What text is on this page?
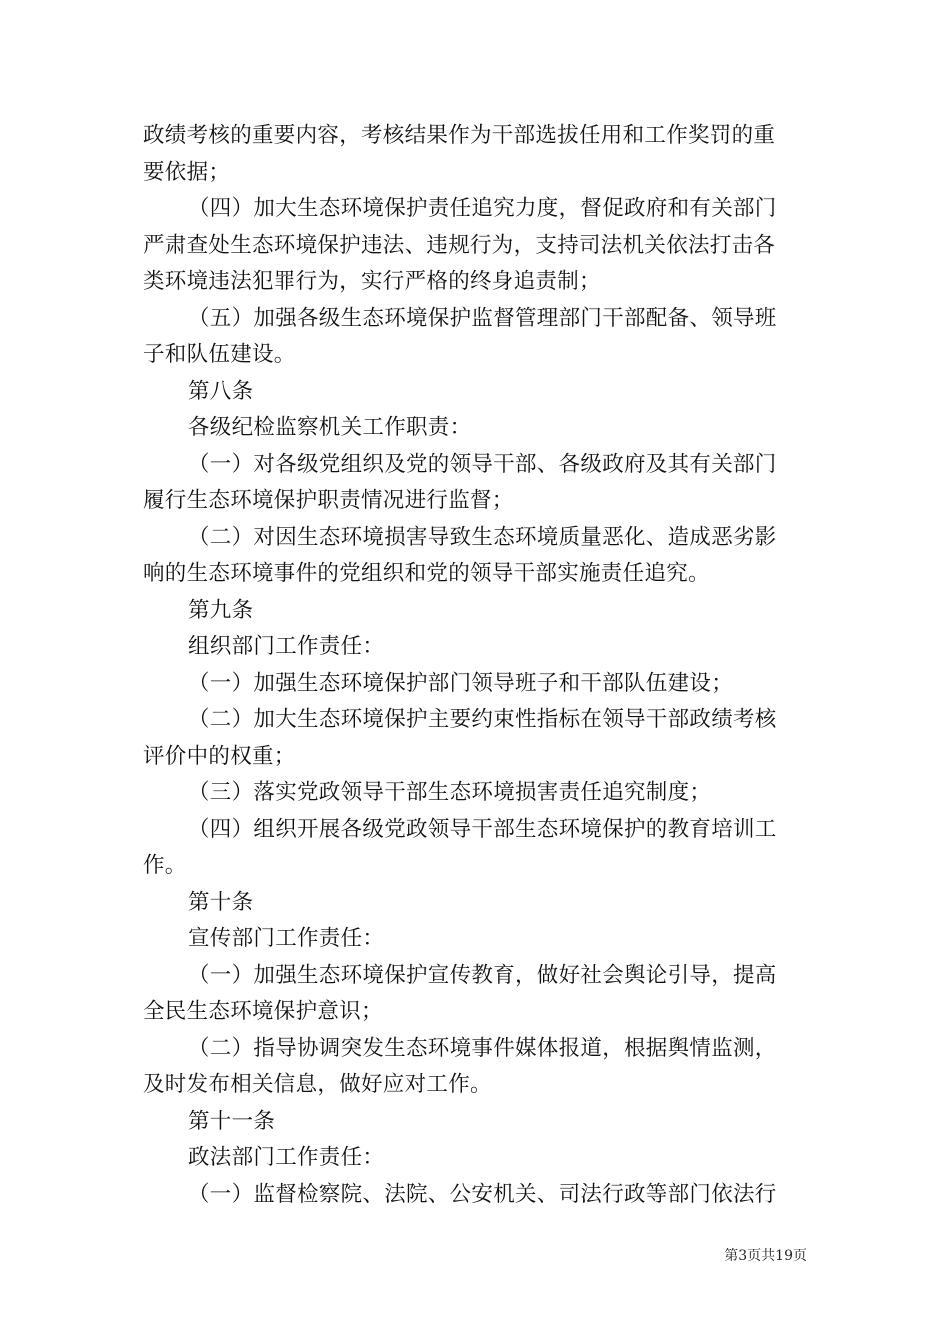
政绩考核的重要内容，考核结果作为干部选拔任用和工作奖罚的重
要依据；
（四）加大生态环境保护责任追究力度，督促政府和有关部门
严肃查处生态环境保护违法、违规行为，支持司法机关依法打击各
类环境违法犯罪行为，实行严格的终身追责制；
（五）加强各级生态环境保护监督管理部门干部配备、领导班
子和队伍建设。
第八条
各级纪检监察机关工作职责：
（一）对各级党组织及党的领导干部、各级政府及其有关部门
履行生态环境保护职责情况进行监督；
（二）对因生态环境损害导致生态环境质量恶化、造成恶劣影
响的生态环境事件的党组织和党的领导干部实施责任追究。
第九条
组织部门工作责任：
（一）加强生态环境保护部门领导班子和干部队伍建设；
（二）加大生态环境保护主要约束性指标在领导干部政绩考核
评价中的权重；
（三）落实党政领导干部生态环境损害责任追究制度；
（四）组织开展各级党政领导干部生态环境保护的教育培训工
作。
第十条
宣传部门工作责任：
（一）加强生态环境保护宣传教育，做好社会舆论引导，提高
全民生态环境保护意识；
（二）指导协调突发生态环境事件媒体报道，根据舆情监测，
及时发布相关信息，做好应对工作。
第十一条
政法部门工作责任：
（一）监督检察院、法院、公安机关、司法行政等部门依法行
第3页共19页
